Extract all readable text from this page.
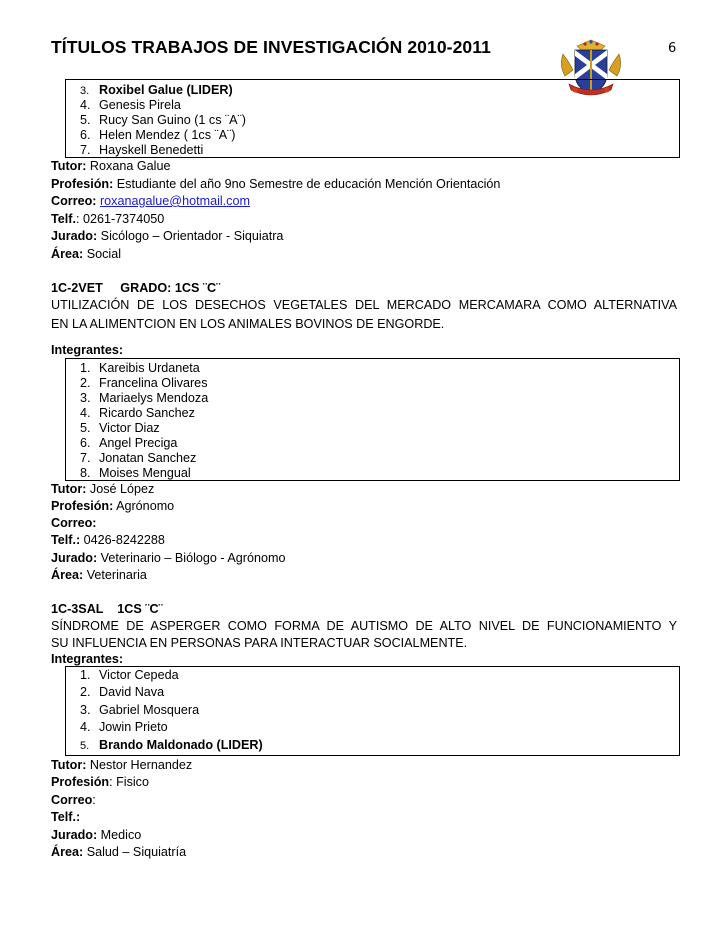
TÍTULOS TRABAJOS DE INVESTIGACIÓN 2010-2011	6
3. Roxibel Galue (LIDER)
4. Genesis Pirela
5. Rucy San Guino (1 cs ¨A¨)
6. Helen Mendez ( 1cs ¨A¨)
7. Hayskell Benedetti
Tutor: Roxana Galue
Profesión: Estudiante del año 9no Semestre de educación Mención Orientación
Correo: roxanagalue@hotmail.com
Telf.: 0261-7374050
Jurado: Sicólogo – Orientador - Siquiatra
Área: Social
1C-2VET GRADO: 1CS ¨C¨
UTILIZACIÓN DE LOS DESECHOS VEGETALES DEL MERCADO MERCAMARA COMO ALTERNATIVA
EN LA ALIMENTCION EN LOS ANIMALES BOVINOS DE ENGORDE.
Integrantes:
1. Kareibis Urdaneta
2. Francelina Olivares
3. Mariaelys Mendoza
4. Ricardo Sanchez
5. Victor Diaz
6. Angel Preciga
7. Jonatan Sanchez
8. Moises Mengual
Tutor: José López
Profesión: Agrónomo
Correo:
Telf.: 0426-8242288
Jurado: Veterinario – Biólogo - Agrónomo
Área: Veterinaria
1C-3SAL 1CS ¨C¨
SÍNDROME DE ASPERGER COMO FORMA DE AUTISMO DE ALTO NIVEL DE FUNCIONAMIENTO Y
SU INFLUENCIA EN PERSONAS PARA INTERACTUAR SOCIALMENTE.
Integrantes:
1. Victor Cepeda
2. David Nava
3. Gabriel Mosquera
4. Jowin Prieto
5. Brando Maldonado (LIDER)
Tutor: Nestor Hernandez
Profesión: Fisico
Correo:
Telf.:
Jurado: Medico
Área: Salud – Siquiatría
